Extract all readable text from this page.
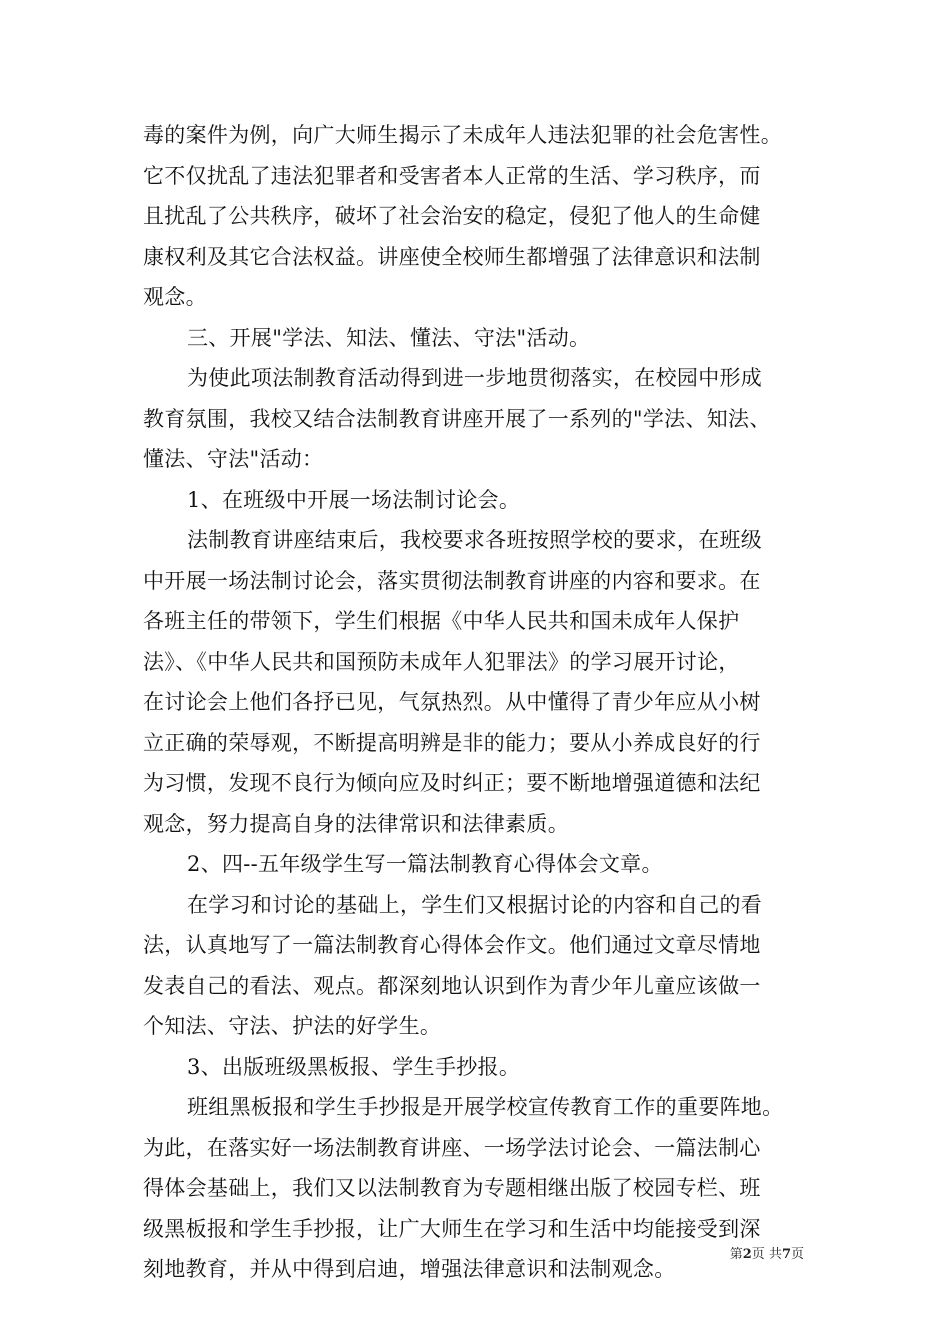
毒的案件为例，向广大师生揭示了未成年人违法犯罪的社会危害性。
它不仅扰乱了违法犯罪者和受害者本人正常的生活、学习秩序，而
且扰乱了公共秩序，破坏了社会治安的稳定，侵犯了他人的生命健
康权利及其它合法权益。讲座使全校师生都增强了法律意识和法制
观念。
三、开展"学法、知法、懂法、守法"活动。
为使此项法制教育活动得到进一步地贯彻落实，在校园中形成
教育氛围，我校又结合法制教育讲座开展了一系列的"学法、知法、
懂法、守法"活动：
1、在班级中开展一场法制讨论会。
法制教育讲座结束后，我校要求各班按照学校的要求，在班级
中开展一场法制讨论会，落实贯彻法制教育讲座的内容和要求。在
各班主任的带领下，学生们根据《中华人民共和国未成年人保护
法》、《中华人民共和国预防未成年人犯罪法》的学习展开讨论，
在讨论会上他们各抒已见，气氛热烈。从中懂得了青少年应从小树
立正确的荣辱观，不断提高明辨是非的能力；要从小养成良好的行
为习惯，发现不良行为倾向应及时纠正；要不断地增强道德和法纪
观念，努力提高自身的法律常识和法律素质。
2、四--五年级学生写一篇法制教育心得体会文章。
在学习和讨论的基础上，学生们又根据讨论的内容和自己的看
法，认真地写了一篇法制教育心得体会作文。他们通过文章尽情地
发表自己的看法、观点。都深刻地认识到作为青少年儿童应该做一
个知法、守法、护法的好学生。
3、出版班级黑板报、学生手抄报。
班组黑板报和学生手抄报是开展学校宣传教育工作的重要阵地。
为此，在落实好一场法制教育讲座、一场学法讨论会、一篇法制心
得体会基础上，我们又以法制教育为专题相继出版了校园专栏、班
级黑板报和学生手抄报，让广大师生在学习和生活中均能接受到深
刻地教育，并从中得到启迪，增强法律意识和法制观念。
第2页 共7页
